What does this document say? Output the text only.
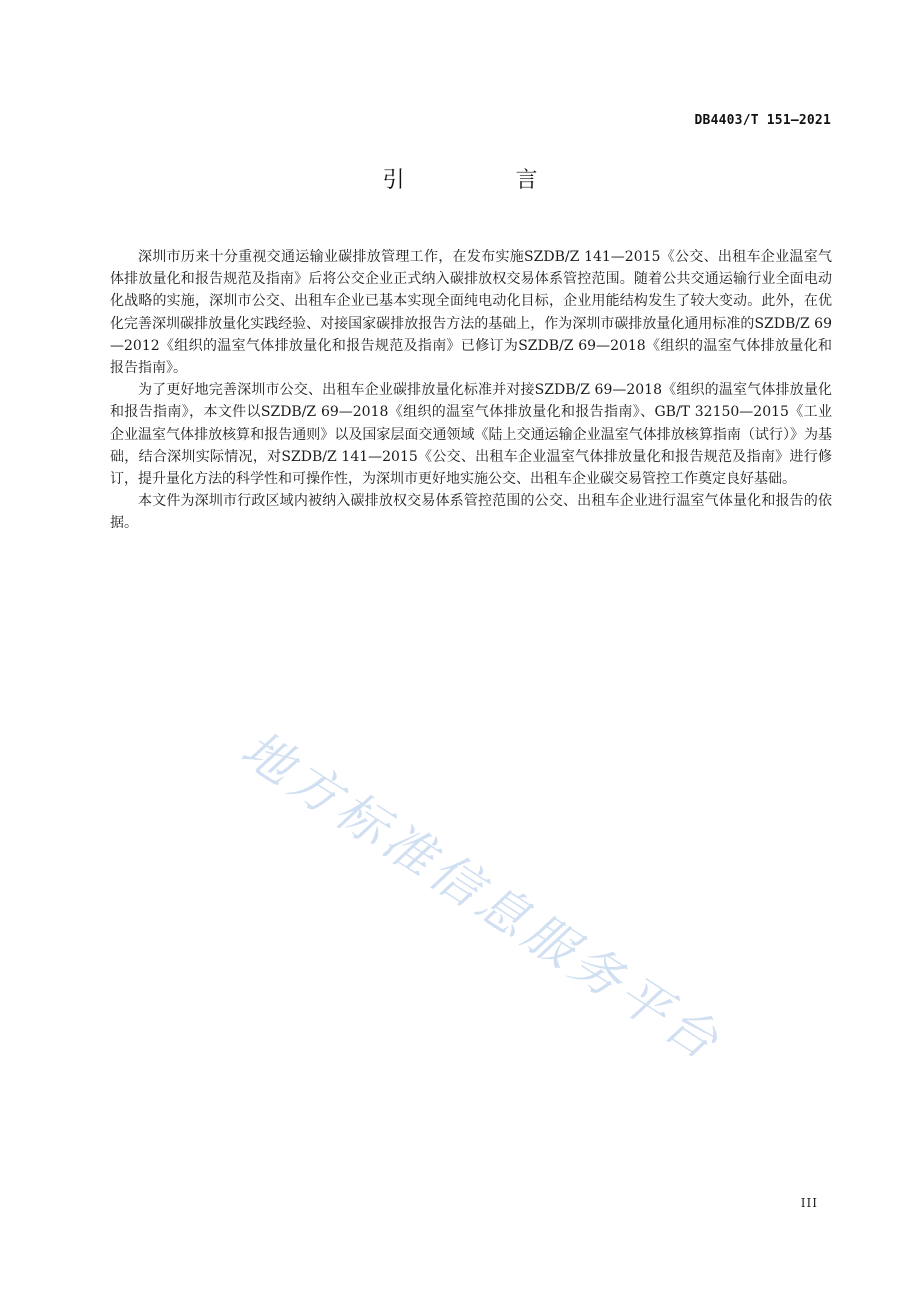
DB4403/T 151—2021
引 言

深圳市历来十分重视交通运输业碳排放管理工作，在发布实施SZDB/Z 141—2015《公交、出租车企业温室气体排放量化和报告规范及指南》后将公交企业正式纳入碳排放权交易体系管控范围。随着公共交通运输行业全面电动化战略的实施，深圳市公交、出租车企业已基本实现全面纯电动化目标，企业用能结构发生了较大变动。此外，在优化完善深圳碳排放量化实践经验、对接国家碳排放报告方法的基础上，作为深圳市碳排放量化通用标准的SZDB/Z 69—2012《组织的温室气体排放量化和报告规范及指南》已修订为SZDB/Z 69—2018《组织的温室气体排放量化和报告指南》。

为了更好地完善深圳市公交、出租车企业碳排放量化标准并对接SZDB/Z 69—2018《组织的温室气体排放量化和报告指南》，本文件以SZDB/Z 69—2018《组织的温室气体排放量化和报告指南》、GB/T 32150—2015《工业企业温室气体排放核算和报告通则》以及国家层面交通领域《陆上交通运输企业温室气体排放核算指南（试行）》为基础，结合深圳实际情况，对SZDB/Z 141—2015《公交、出租车企业温室气体排放量化和报告规范及指南》进行修订，提升量化方法的科学性和可操作性，为深圳市更好地实施公交、出租车企业碳交易管控工作奠定良好基础。

本文件为深圳市行政区域内被纳入碳排放权交易体系管控范围的公交、出租车企业进行温室气体量化和报告的依据。

地方标准信息服务平台
III
